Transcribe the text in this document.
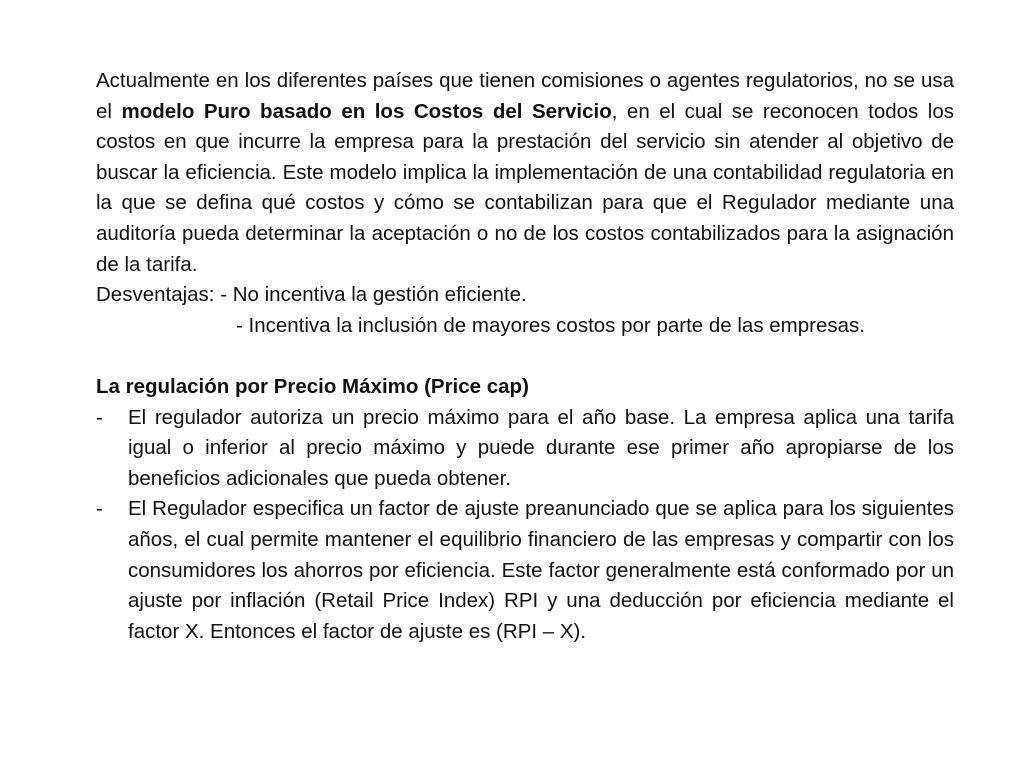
Actualmente en los diferentes países que tienen comisiones o agentes regulatorios, no se usa el modelo Puro basado en los Costos del Servicio, en el cual se reconocen todos los costos en que incurre la empresa para la prestación del servicio sin atender al objetivo de buscar la eficiencia. Este modelo implica la implementación de una contabilidad regulatoria en la que se defina qué costos y cómo se contabilizan para que el Regulador mediante una auditoría pueda determinar la aceptación o no de los costos contabilizados para la asignación de la tarifa.

Desventajas: - No incentiva la gestión eficiente.

- Incentiva la inclusión de mayores costos por parte de las empresas.

La regulación por Precio Máximo (Price cap)

- El regulador autoriza un precio máximo para el año base. La empresa aplica una tarifa igual o inferior al precio máximo y puede durante ese primer año apropiarse de los beneficios adicionales que pueda obtener.

- El Regulador especifica un factor de ajuste preanunciado que se aplica para los siguientes años, el cual permite mantener el equilibrio financiero de las empresas y compartir con los consumidores los ahorros por eficiencia. Este factor generalmente está conformado por un ajuste por inflación (Retail Price Index) RPI y una deducción por eficiencia mediante el factor X. Entonces el factor de ajuste es (RPI – X).
